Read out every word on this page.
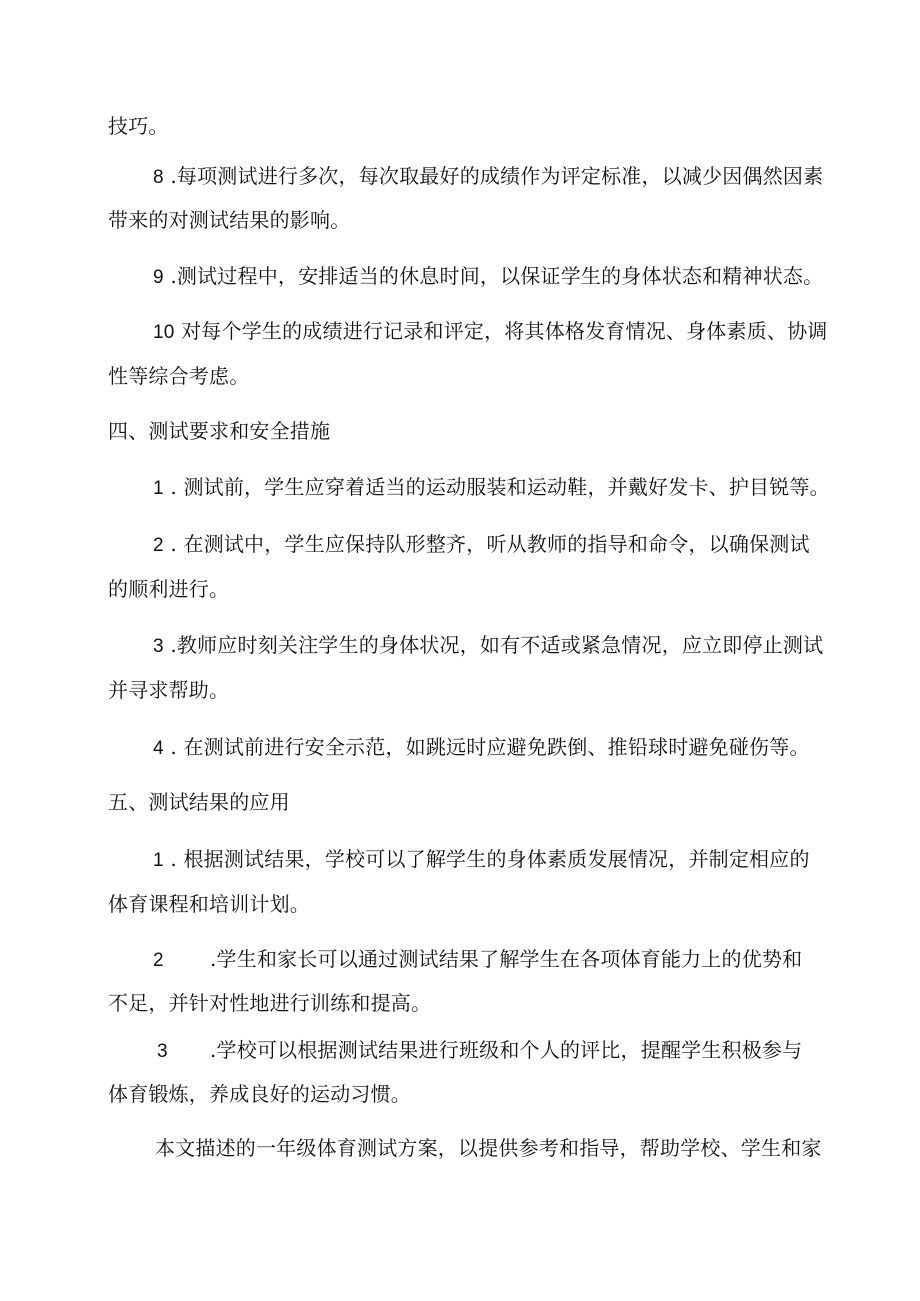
技巧。
8 .每项测试进行多次，每次取最好的成绩作为评定标准，以减少因偶然因素
带来的对测试结果的影响。
9 .测试过程中，安排适当的休息时间，以保证学生的身体状态和精神状态。
10 对每个学生的成绩进行记录和评定，将其体格发育情况、身体素质、协调
性等综合考虑。
四、测试要求和安全措施
1 . 测试前，学生应穿着适当的运动服装和运动鞋，并戴好发卡、护目锐等。
2 . 在测试中，学生应保持队形整齐，听从教师的指导和命令，以确保测试
的顺利进行。
3 .教师应时刻关注学生的身体状况，如有不适或紧急情况，应立即停止测试
并寻求帮助。
4 . 在测试前进行安全示范，如跳远时应避免跌倒、推铅球时避免碰伤等。
五、测试结果的应用
1 . 根据测试结果，学校可以了解学生的身体素质发展情况，并制定相应的
体育课程和培训计划。
2 .学生和家长可以通过测试结果了解学生在各项体育能力上的优势和
不足，并针对性地进行训练和提高。
3 .学校可以根据测试结果进行班级和个人的评比，提醒学生积极参与
体育锻炼，养成良好的运动习惯。
本文描述的一年级体育测试方案，以提供参考和指导，帮助学校、学生和家
